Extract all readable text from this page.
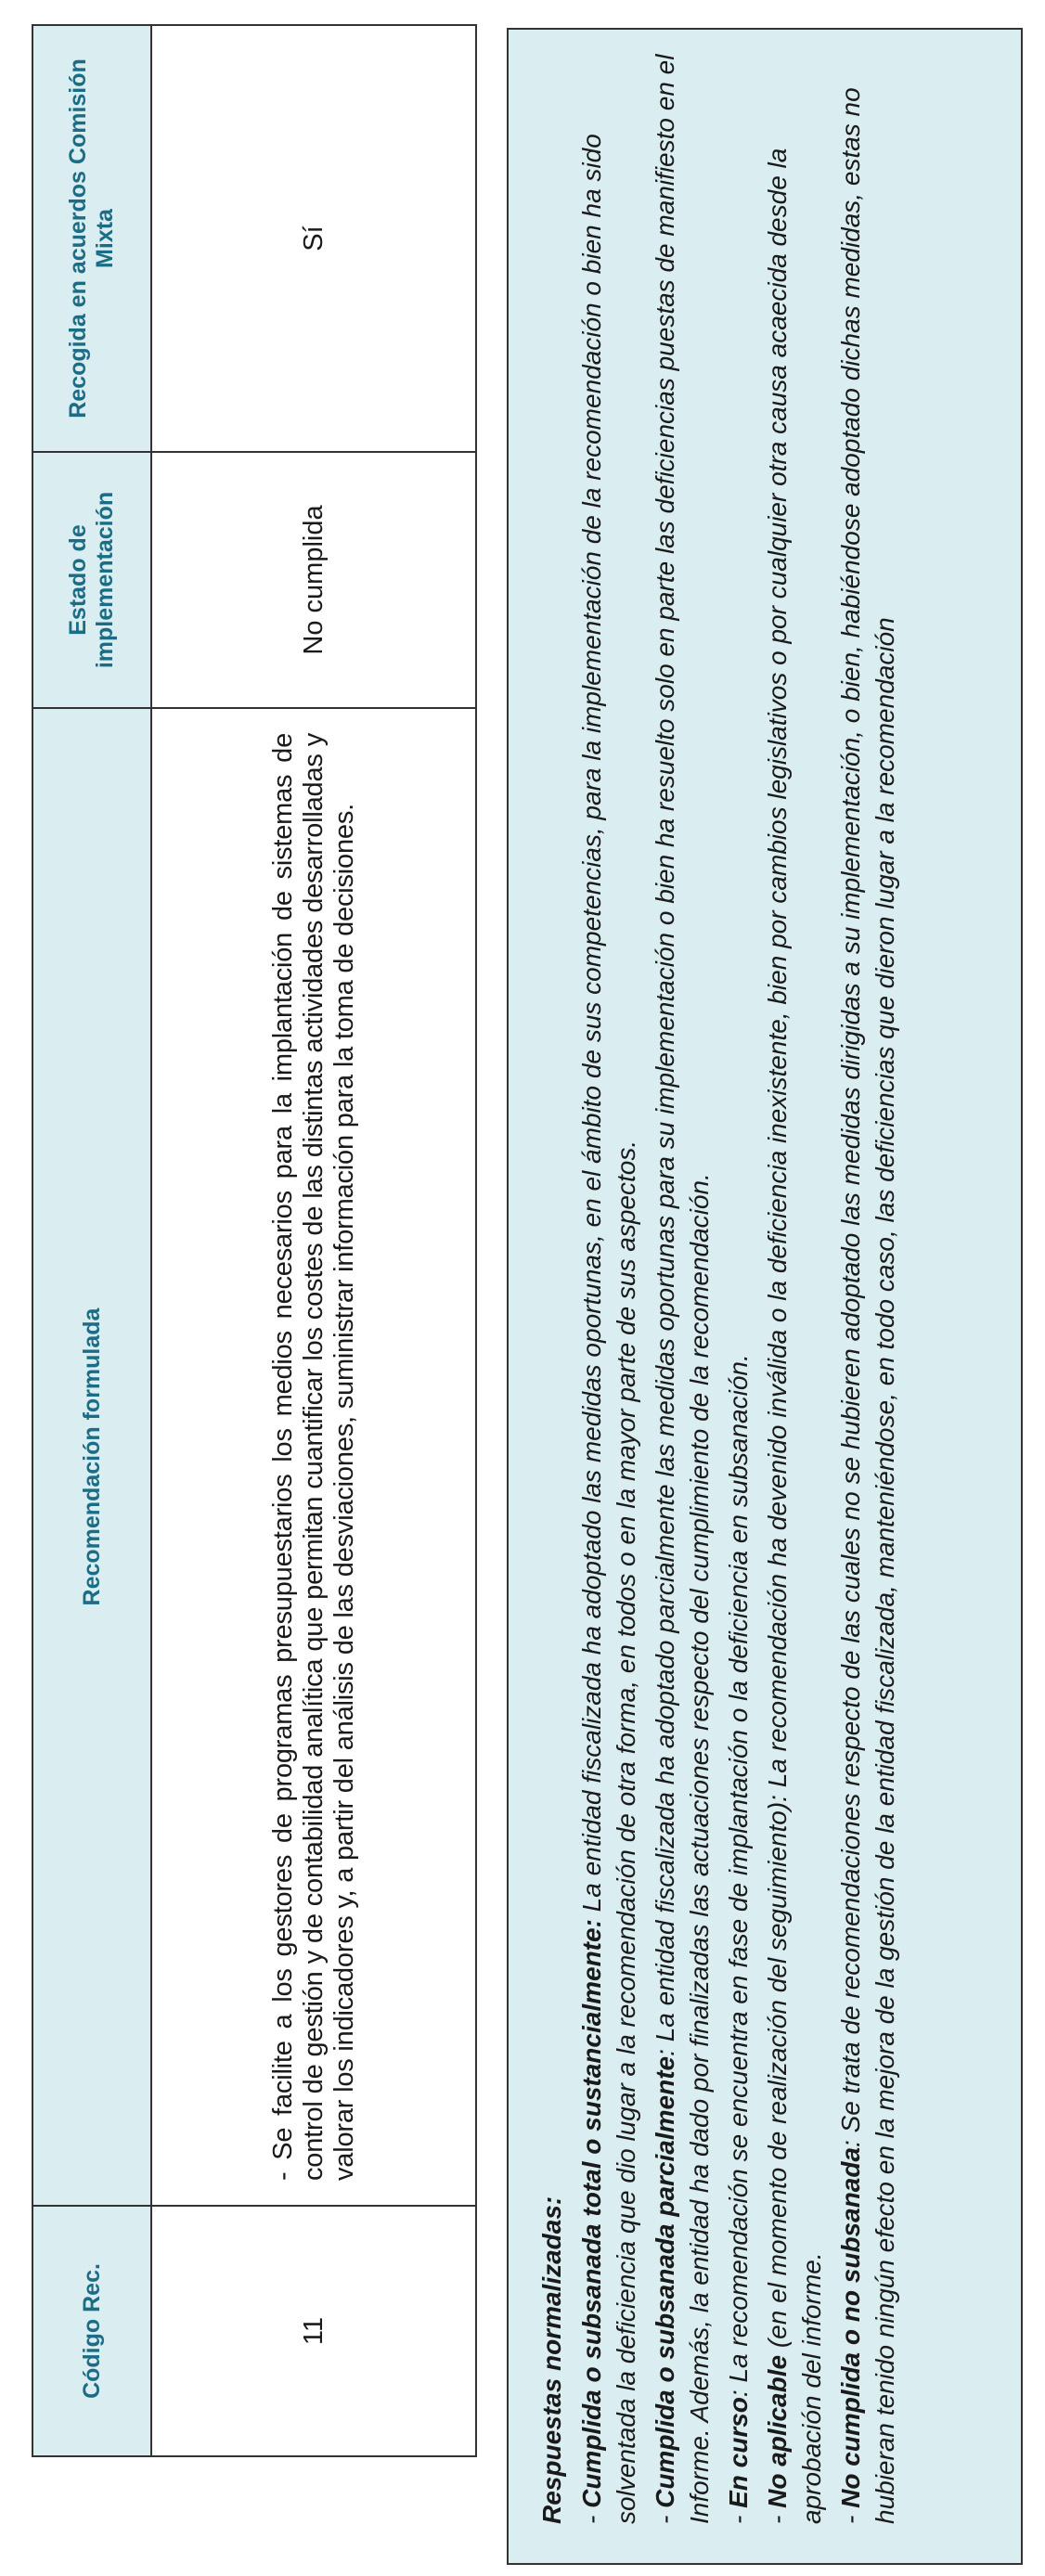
Código Rec.	Recomendación formulada	Estado de implementación	Recogida en acuerdos Comisión Mixta
11	- Se facilite a los gestores de programas presupuestarios los medios necesarios para la implantación de sistemas de control de gestión y de contabilidad analítica que permitan cuantificar los costes de las distintas actividades desarrolladas y valorar los indicadores y, a partir del análisis de las desviaciones, suministrar información para la toma de decisiones.	No cumplida	Sí
Respuestas normalizadas: - Cumplida o subsanada total o sustancialmente: La entidad fiscalizada ha adoptado las medidas oportunas, en el ámbito de sus competencias, para la implementación de la recomendación o bien ha sido solventada la deficiencia que dio lugar a la recomendación de otra forma, en todos o en la mayor parte de sus aspectos. - Cumplida o subsanada parcialmente: La entidad fiscalizada ha adoptado parcialmente las medidas oportunas para su implementación o bien ha resuelto solo en parte las deficiencias puestas de manifiesto en el Informe. Además, la entidad ha dado por finalizadas las actuaciones respecto del cumplimiento de la recomendación. - En curso: La recomendación se encuentra en fase de implantación o la deficiencia en subsanación.
- No aplicable (en el momento de realización del seguimiento): La recomendación ha devenido inválida o la deficiencia inexistente, bien por cambios legislativos o por cualquier otra causa acaecida desde la aprobación del informe. - No cumplida o no subsanada: Se trata de recomendaciones respecto de las cuales no se hubieren adoptado las medidas dirigidas a su implementación, o bien, habiéndose adoptado dichas medidas, estas no hubieran tenido ningún efecto en la mejora de la gestión de la entidad fiscalizada, manteniéndose, en todo caso, las deficiencias que dieron lugar a la recomendación
